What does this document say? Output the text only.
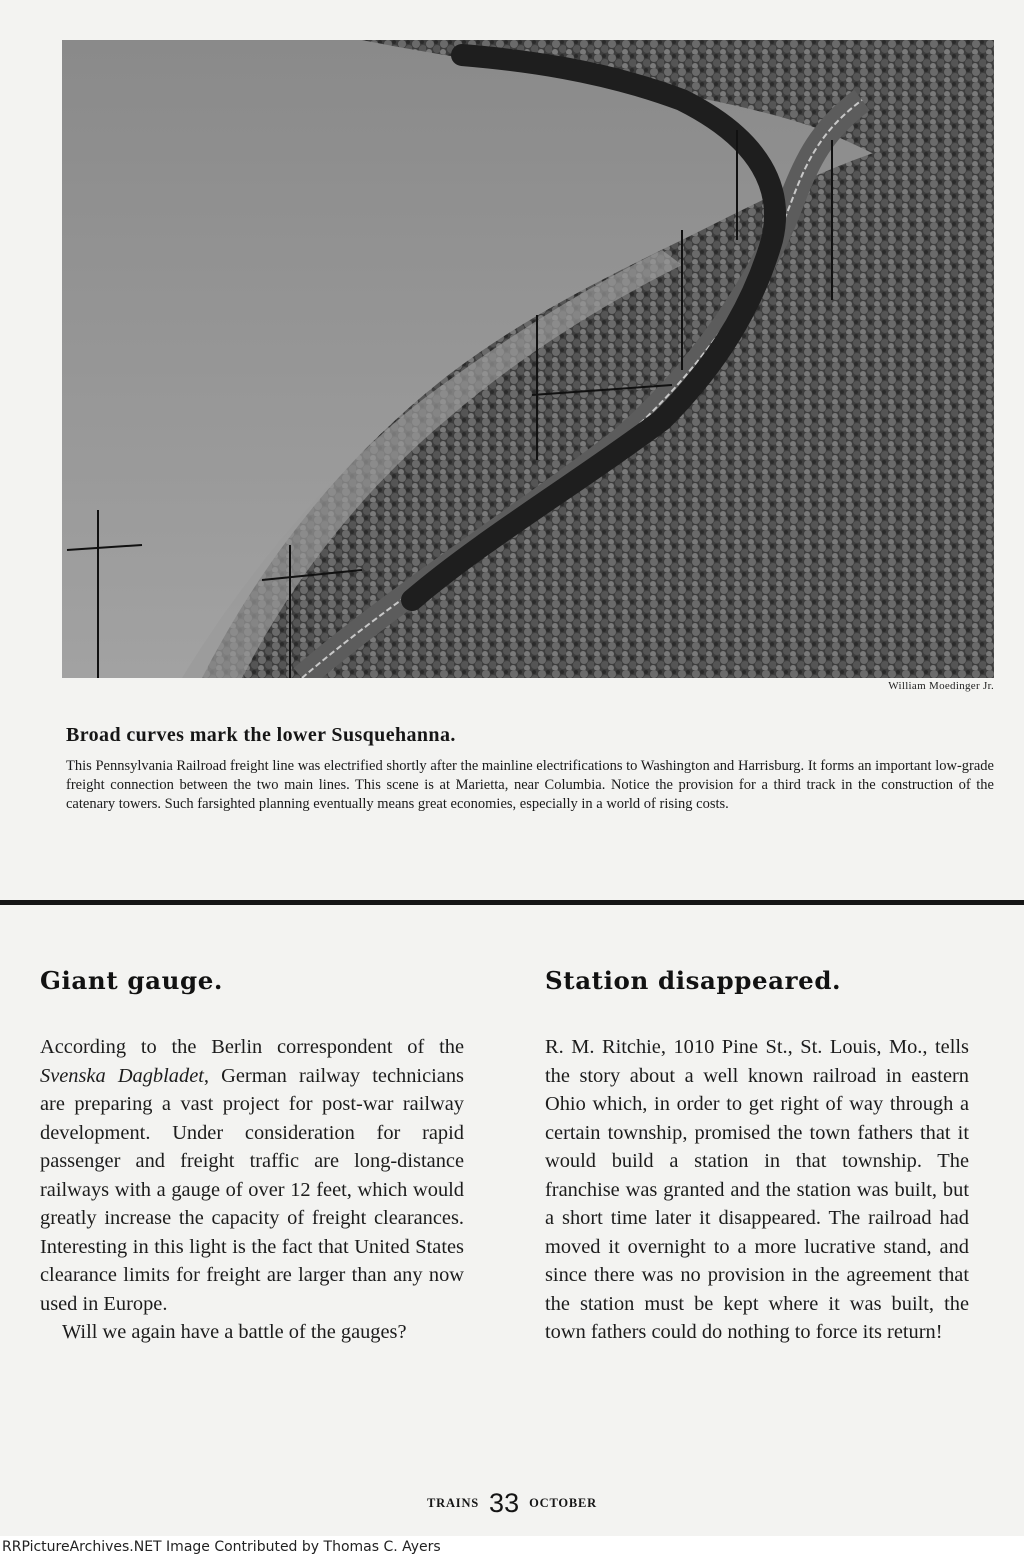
William Moedinger Jr.
Broad curves mark the lower Susquehanna.

This Pennsylvania Railroad freight line was electrified shortly after the mainline electrifications to Washington and Harrisburg. It forms an important low-grade freight connection between the two main lines. This scene is at Marietta, near Columbia. Notice the provision for a third track in the construction of the catenary towers. Such farsighted planning eventually means great economies, especially in a world of rising costs.

Giant gauge.

According to the Berlin correspondent of the Svenska Dagbladet, German railway technicians are preparing a vast project for post-war railway development. Under consideration for rapid passenger and freight traffic are long-distance railways with a gauge of over 12 feet, which would greatly increase the capacity of freight clearances. Interesting in this light is the fact that United States clearance limits for freight are larger than any now used in Europe.

Will we again have a battle of the gauges?

Station disappeared.

R. M. Ritchie, 1010 Pine St., St. Louis, Mo., tells the story about a well known railroad in eastern Ohio which, in order to get right of way through a certain township, promised the town fathers that it would build a station in that township. The franchise was granted and the station was built, but a short time later it disappeared. The railroad had moved it overnight to a more lucrative stand, and since there was no provision in the agreement that the station must be kept where it was built, the town fathers could do nothing to force its return!

TRAINS 33 OCTOBER
RRPictureArchives.NET Image Contributed by Thomas C. Ayers
